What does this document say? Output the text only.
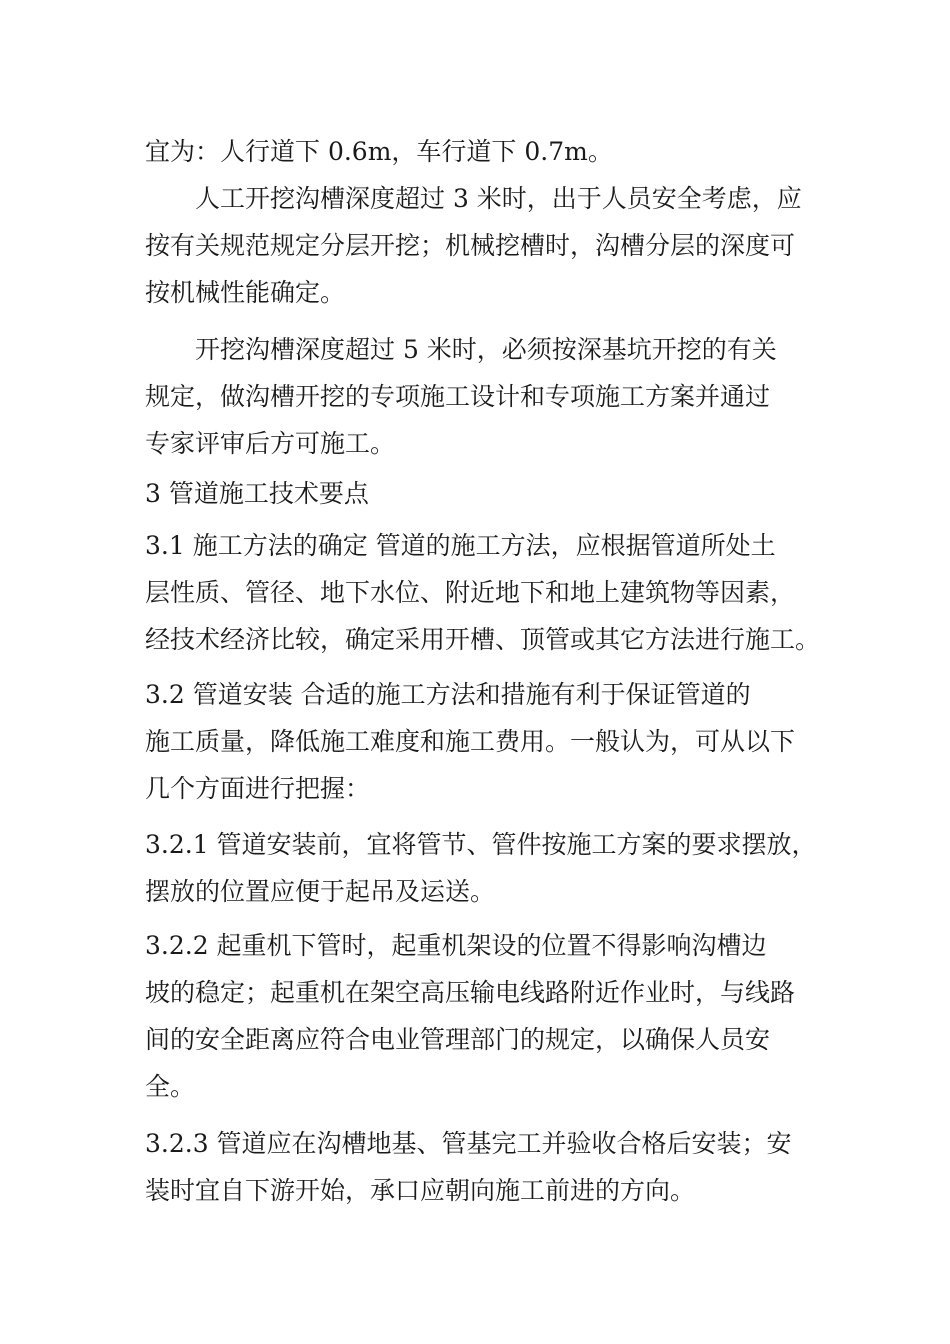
宜为：人行道下 0.6m，车行道下 0.7m。

人工开挖沟槽深度超过 3 米时，出于人员安全考虑，应

按有关规范规定分层开挖；机械挖槽时，沟槽分层的深度可

按机械性能确定。

开挖沟槽深度超过 5 米时，必须按深基坑开挖的有关

规定，做沟槽开挖的专项施工设计和专项施工方案并通过

专家评审后方可施工。

3 管道施工技术要点

3.1 施工方法的确定 管道的施工方法，应根据管道所处土

层性质、管径、地下水位、附近地下和地上建筑物等因素，

经技术经济比较，确定采用开槽、顶管或其它方法进行施工。

3.2 管道安装 合适的施工方法和措施有利于保证管道的

施工质量，降低施工难度和施工费用。一般认为，可从以下

几个方面进行把握：

3.2.1 管道安装前，宜将管节、管件按施工方案的要求摆放，

摆放的位置应便于起吊及运送。

3.2.2 起重机下管时，起重机架设的位置不得影响沟槽边

坡的稳定；起重机在架空高压输电线路附近作业时，与线路

间的安全距离应符合电业管理部门的规定，以确保人员安

全。

3.2.3 管道应在沟槽地基、管基完工并验收合格后安装；安

装时宜自下游开始，承口应朝向施工前进的方向。
